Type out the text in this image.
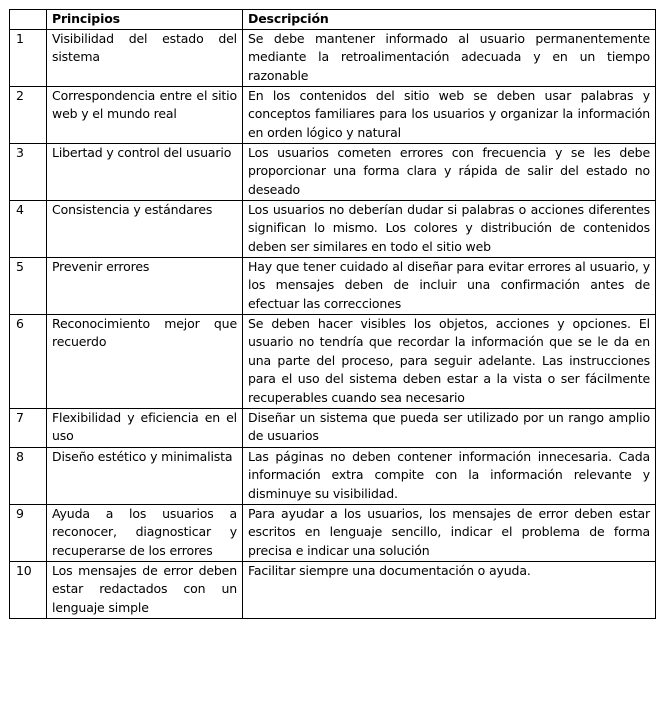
	Principios	Descripción
1	Visibilidad del estado del sistema	Se debe mantener informado al usuario permanentemente mediante la retroalimentación adecuada y en un tiempo razonable
2	Correspondencia entre el sitio web y el mundo real	En los contenidos del sitio web se deben usar palabras y conceptos familiares para los usuarios y organizar la información en orden lógico y natural
3	Libertad y control del usuario	Los usuarios cometen errores con frecuencia y se les debe proporcionar una forma clara y rápida de salir del estado no deseado
4	Consistencia y estándares	Los usuarios no deberían dudar si palabras o acciones diferentes significan lo mismo. Los colores y distribución de contenidos deben ser similares en todo el sitio web
5	Prevenir errores	Hay que tener cuidado al diseñar para evitar errores al usuario, y los mensajes deben de incluir una confirmación antes de efectuar las correcciones
6	Reconocimiento mejor que recuerdo	Se deben hacer visibles los objetos, acciones y opciones. El usuario no tendría que recordar la información que se le da en una parte del proceso, para seguir adelante. Las instrucciones para el uso del sistema deben estar a la vista o ser fácilmente recuperables cuando sea necesario
7	Flexibilidad y eficiencia en el uso	Diseñar un sistema que pueda ser utilizado por un rango amplio de usuarios
8	Diseño estético y minimalista	Las páginas no deben contener información innecesaria. Cada información extra compite con la información relevante y disminuye su visibilidad.
9	Ayuda a los usuarios a reconocer, diagnosticar y recuperarse de los errores	Para ayudar a los usuarios, los mensajes de error deben estar escritos en lenguaje sencillo, indicar el problema de forma precisa e indicar una solución
10	Los mensajes de error deben estar redactados con un lenguaje simple	Facilitar siempre una documentación o ayuda.
